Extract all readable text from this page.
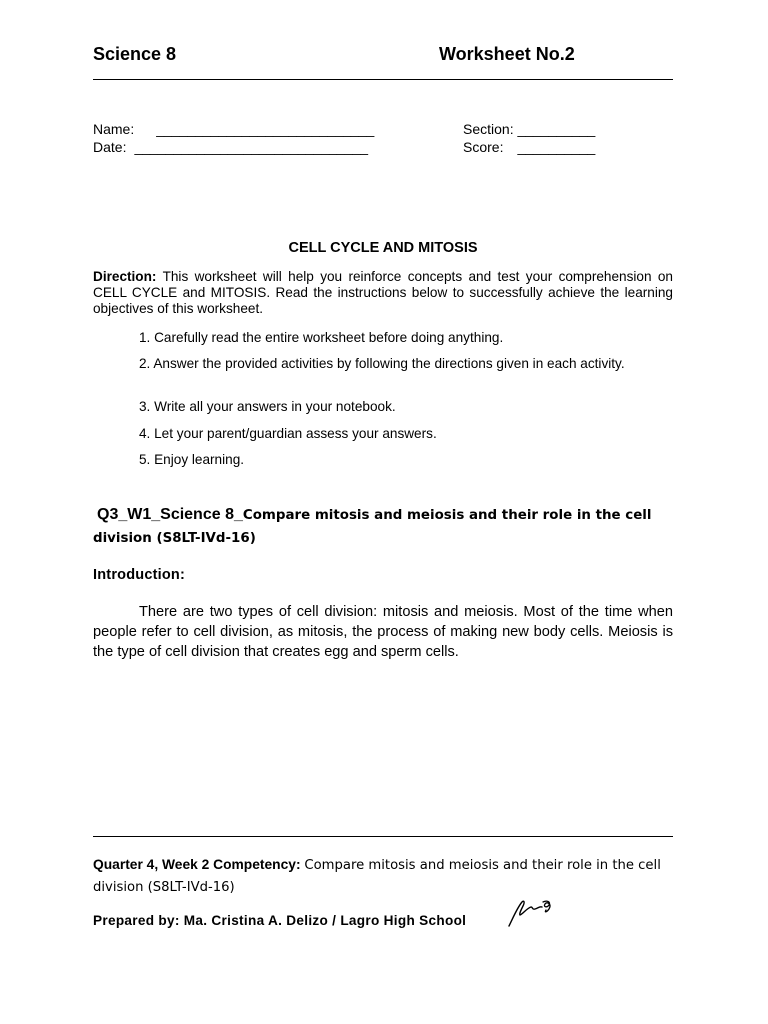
Science 8	Worksheet No.2
Name: ____________________________
Date: ______________________________
Section: __________
Score: __________
CELL CYCLE AND MITOSIS
Direction: This worksheet will help you reinforce concepts and test your comprehension on CELL CYCLE and MITOSIS. Read the instructions below to successfully achieve the learning objectives of this worksheet.
1. Carefully read the entire worksheet before doing anything.
2. Answer the provided activities by following the directions given in each activity.
3. Write all your answers in your notebook.
4. Let your parent/guardian assess your answers.
5. Enjoy learning.
Q3_W1_Science 8_Compare mitosis and meiosis and their role in the cell division (S8LT-IVd-16)
Introduction:
There are two types of cell division: mitosis and meiosis. Most of the time when people refer to cell division, as mitosis, the process of making new body cells. Meiosis is the type of cell division that creates egg and sperm cells.
Quarter 4, Week 2 Competency: Compare mitosis and meiosis and their role in the cell division (S8LT-IVd-16)
Prepared by: Ma. Cristina A. Delizo / Lagro High School
